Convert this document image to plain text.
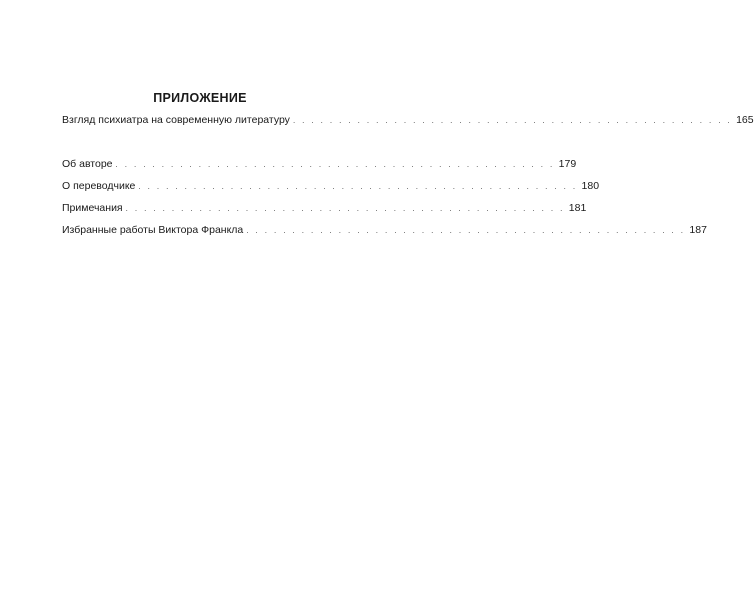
ПРИЛОЖЕНИЕ
Взгляд психиатра на современную литературу . . . . . . . . . . . . . . . . . . . . . . . . . . . . . . . . . . . . . . . . . . . . . . . . 165
Об авторе . . . . . . . . . . . . . . . . . . . . . . . . . . . . . . . . . . . . . . . . . . . . . . . . 179
О переводчике . . . . . . . . . . . . . . . . . . . . . . . . . . . . . . . . . . . . . . . . . . . . . . . . 180
Примечания . . . . . . . . . . . . . . . . . . . . . . . . . . . . . . . . . . . . . . . . . . . . . . . . 181
Избранные работы Виктора Франкла . . . . . . . . . . . . . . . . . . . . . . . . . . . . . . . . . . . . . . . . . . . . . . . . 187
